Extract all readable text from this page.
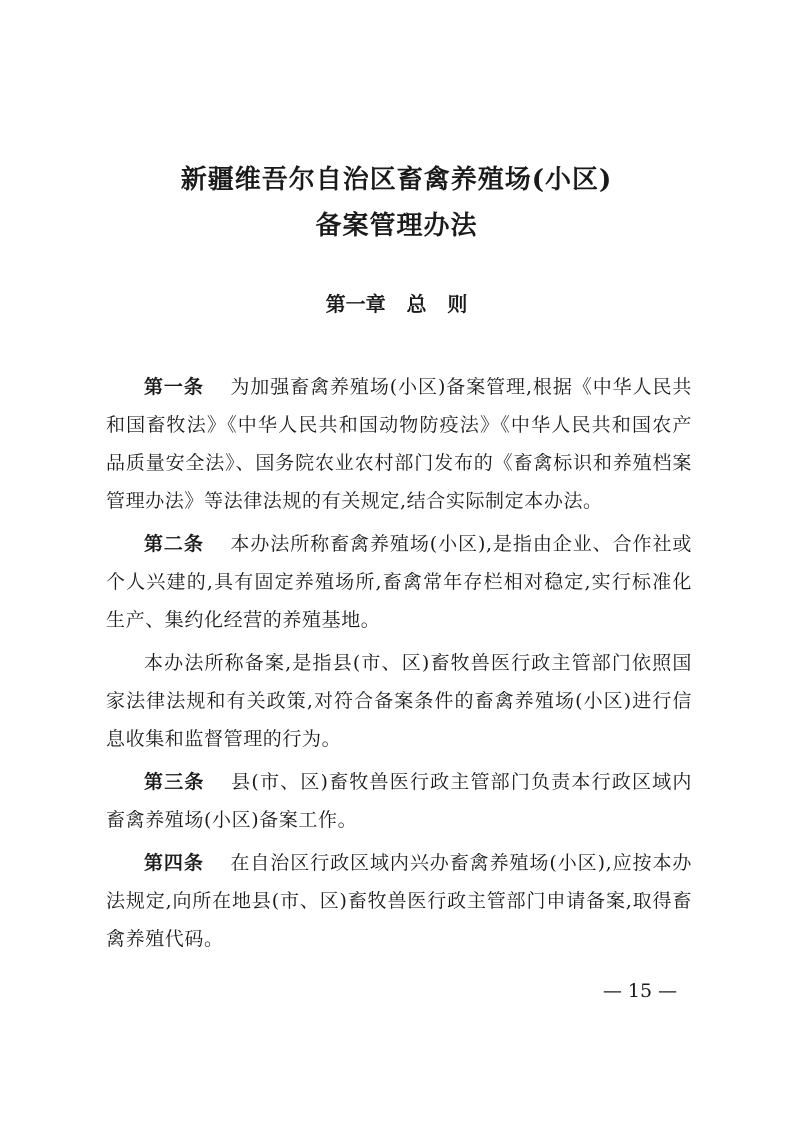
新疆维吾尔自治区畜禽养殖场(小区)
备案管理办法
第一章   总   则

第一条 为加强畜禽养殖场(小区)备案管理,根据《中华人民共和国畜牧法》《中华人民共和国动物防疫法》《中华人民共和国农产品质量安全法》、国务院农业农村部门发布的《畜禽标识和养殖档案管理办法》等法律法规的有关规定,结合实际制定本办法。

第二条 本办法所称畜禽养殖场(小区),是指由企业、合作社或个人兴建的,具有固定养殖场所,畜禽常年存栏相对稳定,实行标准化生产、集约化经营的养殖基地。

本办法所称备案,是指县(市、区)畜牧兽医行政主管部门依照国家法律法规和有关政策,对符合备案条件的畜禽养殖场(小区)进行信息收集和监督管理的行为。

第三条 县(市、区)畜牧兽医行政主管部门负责本行政区域内畜禽养殖场(小区)备案工作。

第四条 在自治区行政区域内兴办畜禽养殖场(小区),应按本办法规定,向所在地县(市、区)畜牧兽医行政主管部门申请备案,取得畜禽养殖代码。

— 15 —
